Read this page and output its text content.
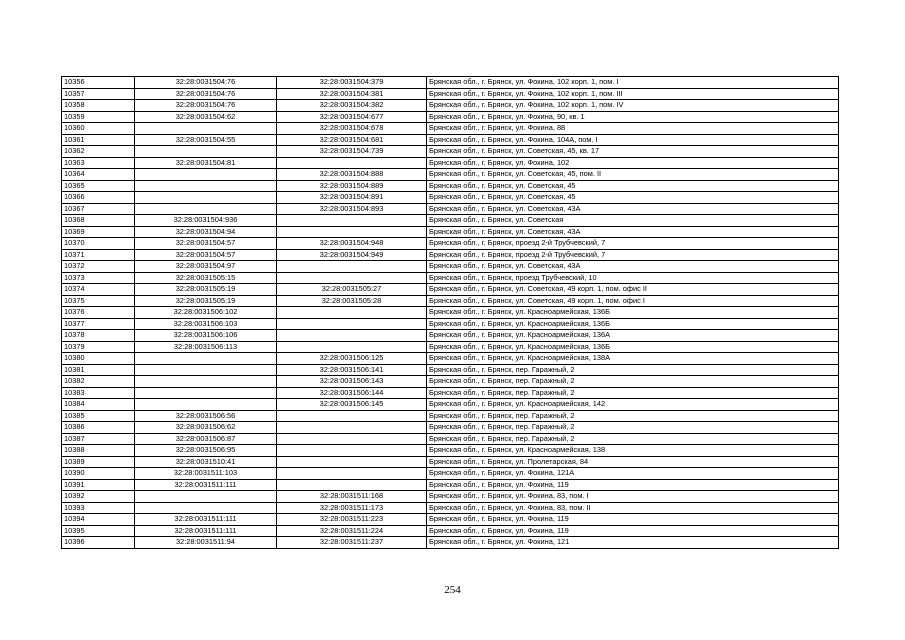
10356	32:28:0031504:76	32:28:0031504:379	Брянская обл., г. Брянск, ул. Фокина, 102 корп. 1, пом. I
10357	32:28:0031504:76	32:28:0031504:381	Брянская обл., г. Брянск, ул. Фокина, 102 корп. 1, пом. III
10358	32:28:0031504:76	32:28:0031504:382	Брянская обл., г. Брянск, ул. Фокина, 102 корп. 1, пом. IV
10359	32:28:0031504:62	32:28:0031504:677	Брянская обл., г. Брянск, ул. Фокина, 90, кв. 1
10360		32:28:0031504:678	Брянская обл., г. Брянск, ул. Фокина, 88
10361	32:28:0031504:55	32:28:0031504:681	Брянская обл., г. Брянск, ул. Фокина, 104А, пом. I
10362		32:28:0031504:739	Брянская обл., г. Брянск, ул. Советская, 45, кв. 17
10363	32:28:0031504:81		Брянская обл., г. Брянск, ул. Фокина, 102
10364		32:28:0031504:888	Брянская обл., г. Брянск, ул. Советская, 45, пом. II
10365		32:28:0031504:889	Брянская обл., г. Брянск, ул. Советская, 45
10366		32:28:0031504:891	Брянская обл., г. Брянск, ул. Советская, 45
10367		32:28:0031504:893	Брянская обл., г. Брянск, ул. Советская, 43А
10368	32:28:0031504:936		Брянская обл., г. Брянск, ул. Советская
10369	32:28:0031504:94		Брянская обл., г. Брянск, ул. Советская, 43А
10370	32:28:0031504:57	32:28:0031504:948	Брянская обл., г. Брянск, проезд 2-й Трубчевский, 7
10371	32:28:0031504:57	32:28:0031504:949	Брянская обл., г. Брянск, проезд 2-й Трубчевский, 7
10372	32:28:0031504:97		Брянская обл., г. Брянск, ул. Советская, 43А
10373	32:28:0031505:15		Брянская обл., г. Брянск, проезд Трубчевский, 10
10374	32:28:0031505:19	32:28:0031505:27	Брянская обл., г. Брянск, ул. Советская, 49 корп. 1, пом. офис II
10375	32:28:0031505:19	32:28:0031505:28	Брянская обл., г. Брянск, ул. Советская, 49 корп. 1, пом. офис I
10376	32:28:0031506:102		Брянская обл., г. Брянск, ул. Красноармейская, 136Б
10377	32:28:0031506:103		Брянская обл., г. Брянск, ул. Красноармейская, 136Б
10378	32:28:0031506:106		Брянская обл., г. Брянск, ул. Красноармейская, 136А
10379	32:28:0031506:113		Брянская обл., г. Брянск, ул. Красноармейская, 136Б
10380		32:28:0031506:125	Брянская обл., г. Брянск, ул. Красноармейская, 138А
10381		32:28:0031506:141	Брянская обл., г. Брянск, пер. Гаражный, 2
10382		32:28:0031506:143	Брянская обл., г. Брянск, пер. Гаражный, 2
10383		32:28:0031506:144	Брянская обл., г. Брянск, пер. Гаражный, 2
10384		32:28:0031506:145	Брянская обл., г. Брянск, ул. Красноармейская, 142
10385	32:28:0031506:56		Брянская обл., г. Брянск, пер. Гаражный, 2
10386	32:28:0031506:62		Брянская обл., г. Брянск, пер. Гаражный, 2
10387	32:28:0031506:87		Брянская обл., г. Брянск, пер. Гаражный, 2
10388	32:28:0031506:95		Брянская обл., г. Брянск, ул. Красноармейская, 138
10389	32:28:0031510:41		Брянская обл., г. Брянск, ул. Пролетарская, 84
10390	32:28:0031511:103		Брянская обл., г. Брянск, ул. Фокина, 121А
10391	32:28:0031511:111		Брянская обл., г. Брянск, ул. Фокина, 119
10392		32:28:0031511:168	Брянская обл., г. Брянск, ул. Фокина, 83, пом. I
10393		32:28:0031511:173	Брянская обл., г. Брянск, ул. Фокина, 83, пом. II
10394	32:28:0031511:111	32:28:0031511:223	Брянская обл., г. Брянск, ул. Фокина, 119
10395	32:28:0031511:111	32:28:0031511:224	Брянская обл., г. Брянск, ул. Фокина, 119
10396	32:28:0031511:94	32:28:0031511:237	Брянская обл., г. Брянск, ул. Фокина, 121
254
